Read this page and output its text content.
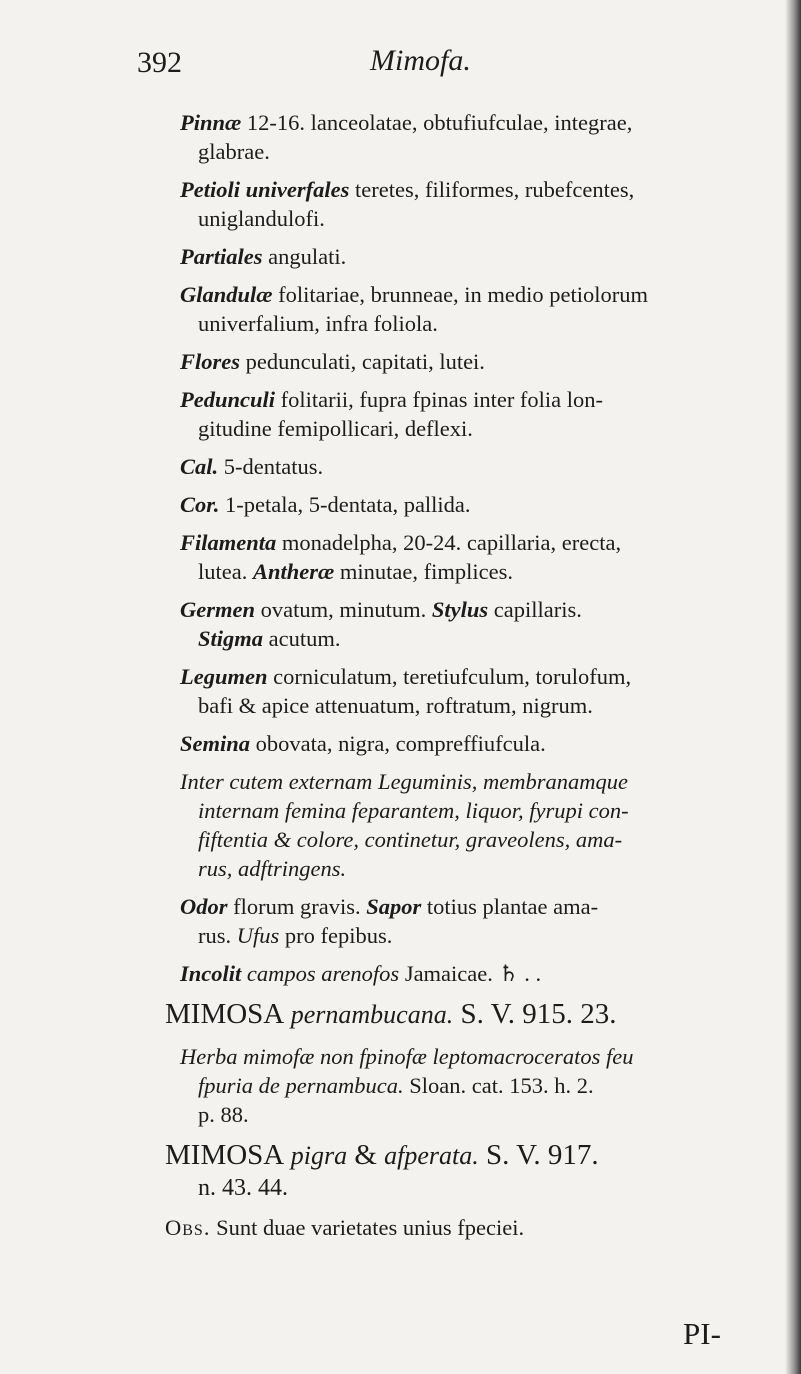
392	Mimofa.

Pinnæ 12-16. lanceolatae, obtufiufculae, integrae,

glabrae.

Petioli univerfales teretes, filiformes, rubefcentes,

uniglandulofi.

Partiales angulati.

Glandulæ folitariae, brunneae, in medio petiolorum

univerfalium, infra foliola.

Flores pedunculati, capitati, lutei.

Pedunculi folitarii, fupra fpinas inter folia lon-

gitudine femipollicari, deflexi.

Cal. 5-dentatus.

Cor. 1-petala, 5-dentata, pallida.

Filamenta monadelpha, 20-24. capillaria, erecta,

lutea. Antheræ minutae, fimplices.

Germen ovatum, minutum. Stylus capillaris.

Stigma acutum.

Legumen corniculatum, teretiufculum, torulofum,

bafi & apice attenuatum, roftratum, nigrum.

Semina obovata, nigra, compreffiufcula.

Inter cutem externam Leguminis, membranamque

internam femina feparantem, liquor, fyrupi con-

fiftentia & colore, continetur, graveolens, ama-

rus, adftringens.

Odor florum gravis. Sapor totius plantae ama-

rus. Ufus pro fepibus.

Incolit campos arenofos Jamaicae. ♄ . .

MIMOSA pernambucana. S. V. 915. 23.

Herba mimofæ non fpinofæ leptomacroceratos feu

fpuria de pernambuca. Sloan. cat. 153. h. 2.

p. 88.

MIMOSA pigra & afperata. S. V. 917.
n. 43. 44.

Obs. Sunt duae varietates unius fpeciei.

PI-
